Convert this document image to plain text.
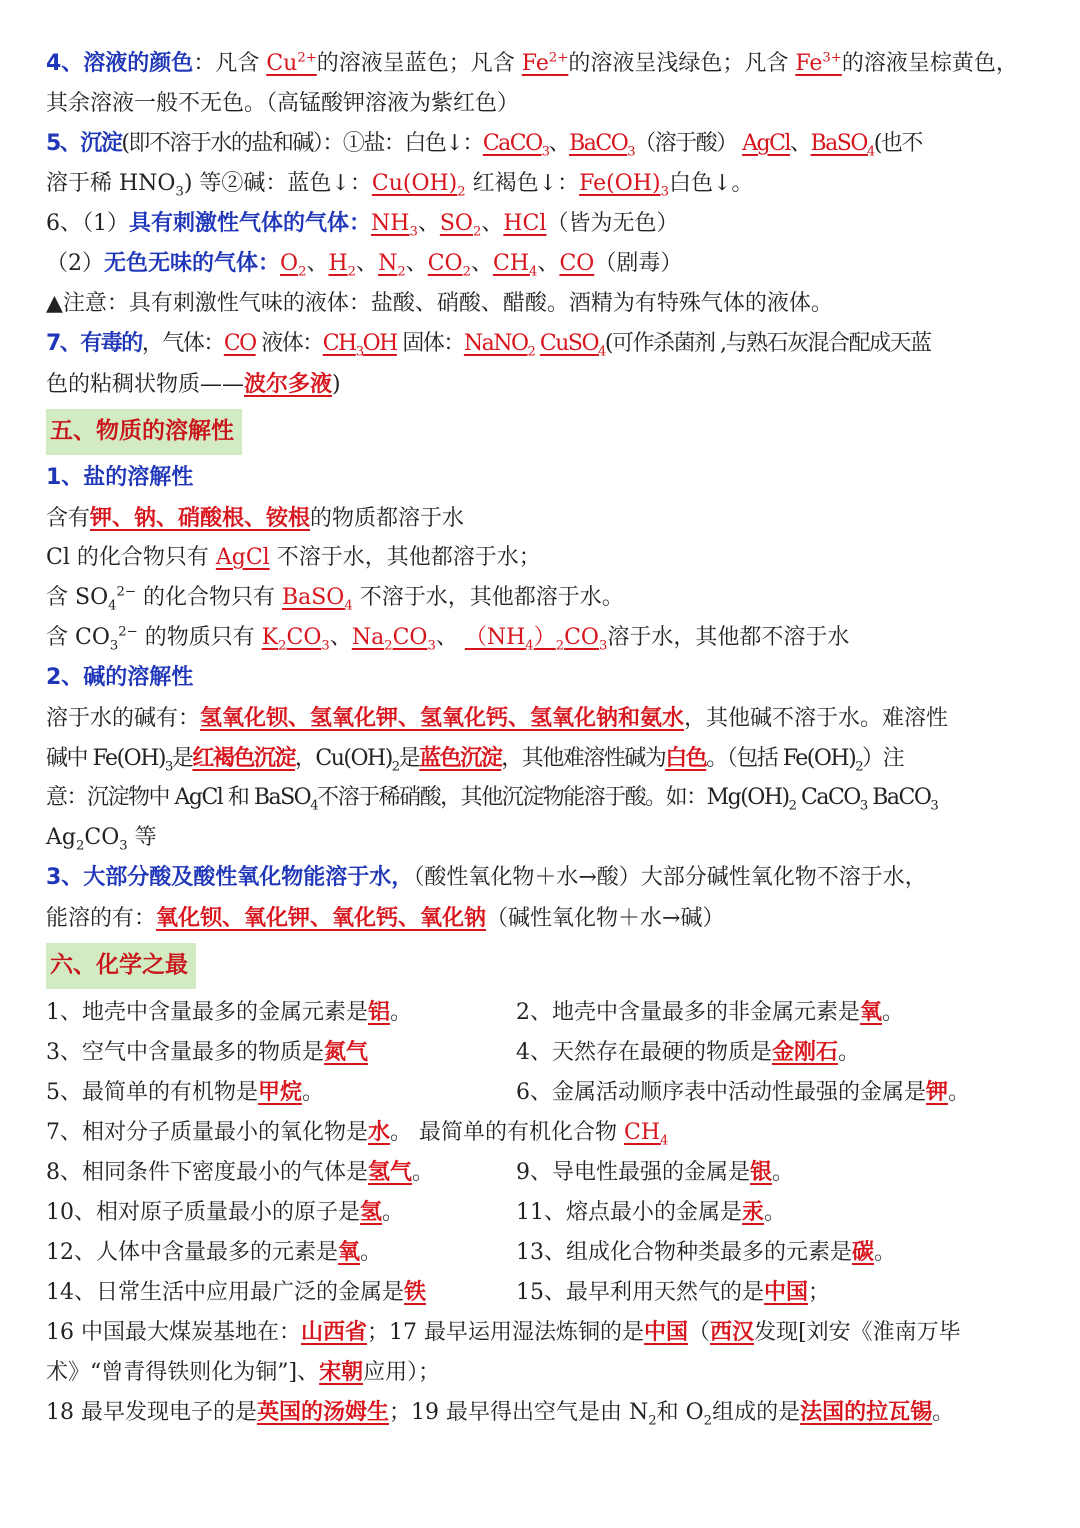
4、溶液的颜色：凡含 $Cu^{2+}$的溶液呈蓝色；凡含 $Fe^{2+}$的溶液呈浅绿色；凡含 $Fe^{3+}$的溶液呈棕黄色，
其余溶液一般不无色。（高锰酸钾溶液为紫红色）
5、沉淀(即不溶于水的盐和碱）：①盐：白色↓：CaCO$_3$、BaCO$_3$（溶于酸） AgCl、BaSO$_4$(也不
溶于稀 $HNO_3$) 等②碱：蓝色↓：$Cu(OH)_2$ 红褐色↓：$Fe(OH)_3$白色↓。
6、（1）具有刺激性气体的气体：$NH_3$、$SO_2$、HCl（皆为无色）
（2）无色无味的气体：$O_2$、$H_2$、$N_2$、$CO_2$、$CH_4$、CO（剧毒）
▲注意：具有刺激性气味的液体：盐酸、硝酸、醋酸。酒精为有特殊气体的液体。
7、有毒的，气体：CO 液体：$CH_3OH$ 固体：NaNO$_2$ CuSO$_4$(可作杀菌剂 ,与熟石灰混合配成天蓝
色的粘稠状物质——波尔多液)
五、物质的溶解性
1、盐的溶解性
含有钾、钠、硝酸根、铵根的物质都溶于水
Cl 的化合物只有 AgCl 不溶于水，其他都溶于水；
含 $SO_4^{2-}$ 的化合物只有 BaSO$_4$ 不溶于水，其他都溶于水。
含 $CO_3^{2-}$ 的物质只有 $K_2CO_3$、$Na_2CO_3$、 $(NH_4)_2CO_3$溶于水，其他都不溶于水
2、碱的溶解性
溶于水的碱有：氢氧化钡、氢氧化钾、氢氧化钙、氢氧化钠和氨水，其他碱不溶于水。难溶性
碱中 $Fe(OH)_3$是红褐色沉淀，$Cu(OH)_2$是蓝色沉淀，其他难溶性碱为白色。（包括 $Fe(OH)_2$）注
意：沉淀物中 AgCl 和 BaSO$_4$不溶于稀硝酸，其他沉淀物能溶于酸。如：$Mg(OH)_2$ CaCO$_3$ BaCO$_3$
$Ag_2CO_3$ 等
3、大部分酸及酸性氧化物能溶于水，（酸性氧化物＋水→酸）大部分碱性氧化物不溶于水，
能溶的有：氧化钡、氧化钾、氧化钙、氧化钠（碱性氧化物＋水→碱）
六、化学之最
1、地壳中含量最多的金属元素是铝。	2、地壳中含量最多的非金属元素是氧。
3、空气中含量最多的物质是氮气	4、天然存在最硬的物质是金刚石。
5、最简单的有机物是甲烷。	6、金属活动顺序表中活动性最强的金属是钾。
7、相对分子质量最小的氧化物是水。 最简单的有机化合物 $CH_4$
8、相同条件下密度最小的气体是氢气。	9、导电性最强的金属是银。
10、相对原子质量最小的原子是氢。	11、熔点最小的金属是汞。
12、人体中含量最多的元素是氧。	13、组成化合物种类最多的元素是碳。
14、日常生活中应用最广泛的金属是铁	15、最早利用天然气的是中国；
16 中国最大煤炭基地在：山西省；17 最早运用湿法炼铜的是中国（西汉发现[刘安《淮南万毕
术》“曾青得铁则化为铜”]、宋朝应用）；
18 最早发现电子的是英国的汤姆生；19 最早得出空气是由 $N_2$和 $O_2$组成的是法国的拉瓦锡。
